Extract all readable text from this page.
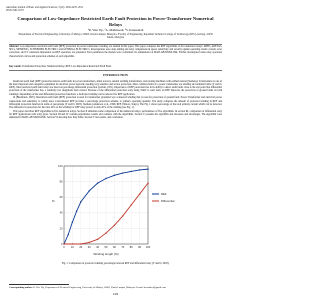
Australian Journal of Basic and Applied Sciences, 5(12): 2456-2476, 2011
ISSN 1991-8178
Comparison of Low-Impedance Restricted Earth Fault Protection in Power-Transformer Numerical Relays
¹R. Wee Tip, ²A. Mahmoodi, ³S. Kanesanah
¹Department of Electrical Engineering, University of Malaya, 50603, Kuala Lumpur, Malaysia. ²Faculty of Engineering, Rajasthan Technical College of Technology (RTU), Kelang, 41050 Kuala, Malaysia
Abstract: Low-impedance restricted earth fault (REF) protection in power transformer winding, are studied in this paper. This paper compares the REF algorithms of five numerical relays: ABB's, AREVA's, SEL's, SIEMENS's, SCHNEIDER ELECTRIC's and GENERAL ELECTRIC's. Investigations were done aiming and relay comparisons in speed, sensitivity, and security against operating events: current, error correction, and CT saturation impression on REF operation, are presented. Four parameters the models were conformed via simulations on MATLAB/SIMULINK. Further investigated some relay operation characteristics curves and protection schemes of each algorithm.
Key words: Transformer Protection, Numerical Relay, REF, Low-Impedance Restricted Earth Fault.
INTRODUCTION

Restricted earth fault (REF) protection detects earth faults in power transformers, shunt reactors, neutral earthing transformers, and rotating machines with earthed neutral (Siemens). Transformers is one of the most important and expensive equipment in electrical power network; needing very sensitive and secure protection. Most common faults in a power transformer are winding and terminal faults (Y and D, 2003). Most restricted earth fault relays are based on percentage differential protection (Corkin, 1951). Importance of REF protection lies in its ability to detect earth faults close to the star point that differential protection of the transformer has, a relatively low magnitude fault current. Because of the differential protection relay being 'blind' to such fault, an REF improves the protection of ground faults on both windings. Depending on line and differential protection functions, a dedicated winding can be selected for REF application.

In (Blackburn, 2007), 'Restricted earth fault (REF) protection is used for transformer grounded wye connected winding that is used for protection of ground fault. Power Transformer and electrical power connections and sensitivity is widely used. Conventional REF provides a percentage protection scheme, to primary operating quantity. The study compares the amount of protected winding in REF and differential protection function in terms of percentage (Y and D, 2003). Siemens (Anderson et al., 1999, REF, Elmore, Tokyo). The Fig. 1 shows percentage of the total primary current which can be detected. The difference in protection for the ratio 40% of the winding for REF relay protect is only 20% of the winding (see Fig. 1).

This paper describes REF algorithms in five numerical relays. Section II simulates some comparison of the numerical relays, performance of five algorithms. In section III, comparison of differential relay for REF applications with relay types. Section III and IV contain performance results and compare with the algorithms. Section V presents the algorithm and discusses and advantages. The algorithm were simulated in MATLAB SIMULINK. Section VI showing how they differ. Section V test results, and conclusion.

0 10 20 30 40 50 60 70 80 90 100
0
20
40
60
80
100
%
Winding length (%)
REF
Differential
Fig. 1: Comparison of protected winding percentage between REF and differential relay (Y and D, 2003).
Corresponding author: R. Wee Tip, Department of Electrical Engineering, University of Malaya, 50603, Kuala Lumpur, Malaysia. E-mail: tremaidex@gmail.com
2456
